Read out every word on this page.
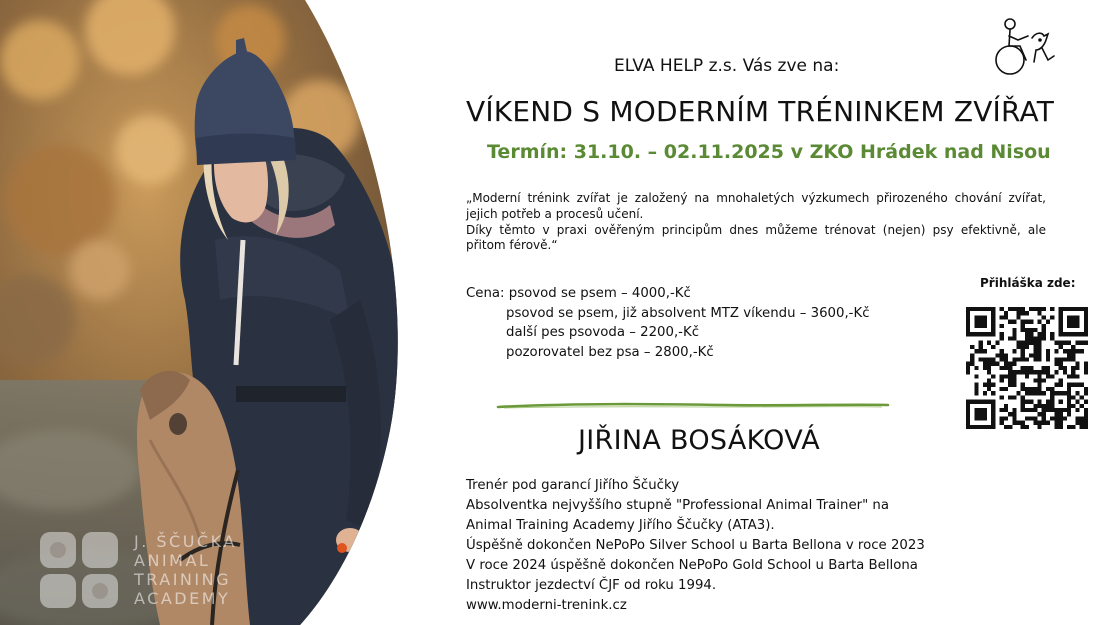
J. ŠČUČKA
ANIMAL
TRAINING
ACADEMY
ELVA HELP z.s. Vás zve na:
VÍKEND S MODERNÍM TRÉNINKEM ZVÍŘAT
Termín: 31.10. – 02.11.2025 v ZKO Hrádek nad Nisou

„Moderní trénink zvířat je založený na mnohaletých výzkumech přirozeného chování zvířat, jejich potřeb a procesů učení.

Díky těmto v praxi ověřeným principům dnes můžeme trénovat (nejen) psy efektivně, ale přitom férově.“

Cena: psovod se psem – 4000,-Kč
psovod se psem, již absolvent MTZ víkendu – 3600,-Kč
další pes psovoda – 2200,-Kč
pozorovatel bez psa – 2800,-Kč
JIŘINA BOSÁKOVÁ
Trenér pod garancí Jiřího Ščučky
Absolventka nejvyššího stupně "Professional Animal Trainer" na
Animal Training Academy Jiřího Ščučky (ATA3).
Úspěšně dokončen NePoPo Silver School u Barta Bellona v roce 2023
V roce 2024 úspěšně dokončen NePoPo Gold School u Barta Bellona
Instruktor jezdectví ČJF od roku 1994.
www.moderni-trenink.cz
Přihláška zde:
